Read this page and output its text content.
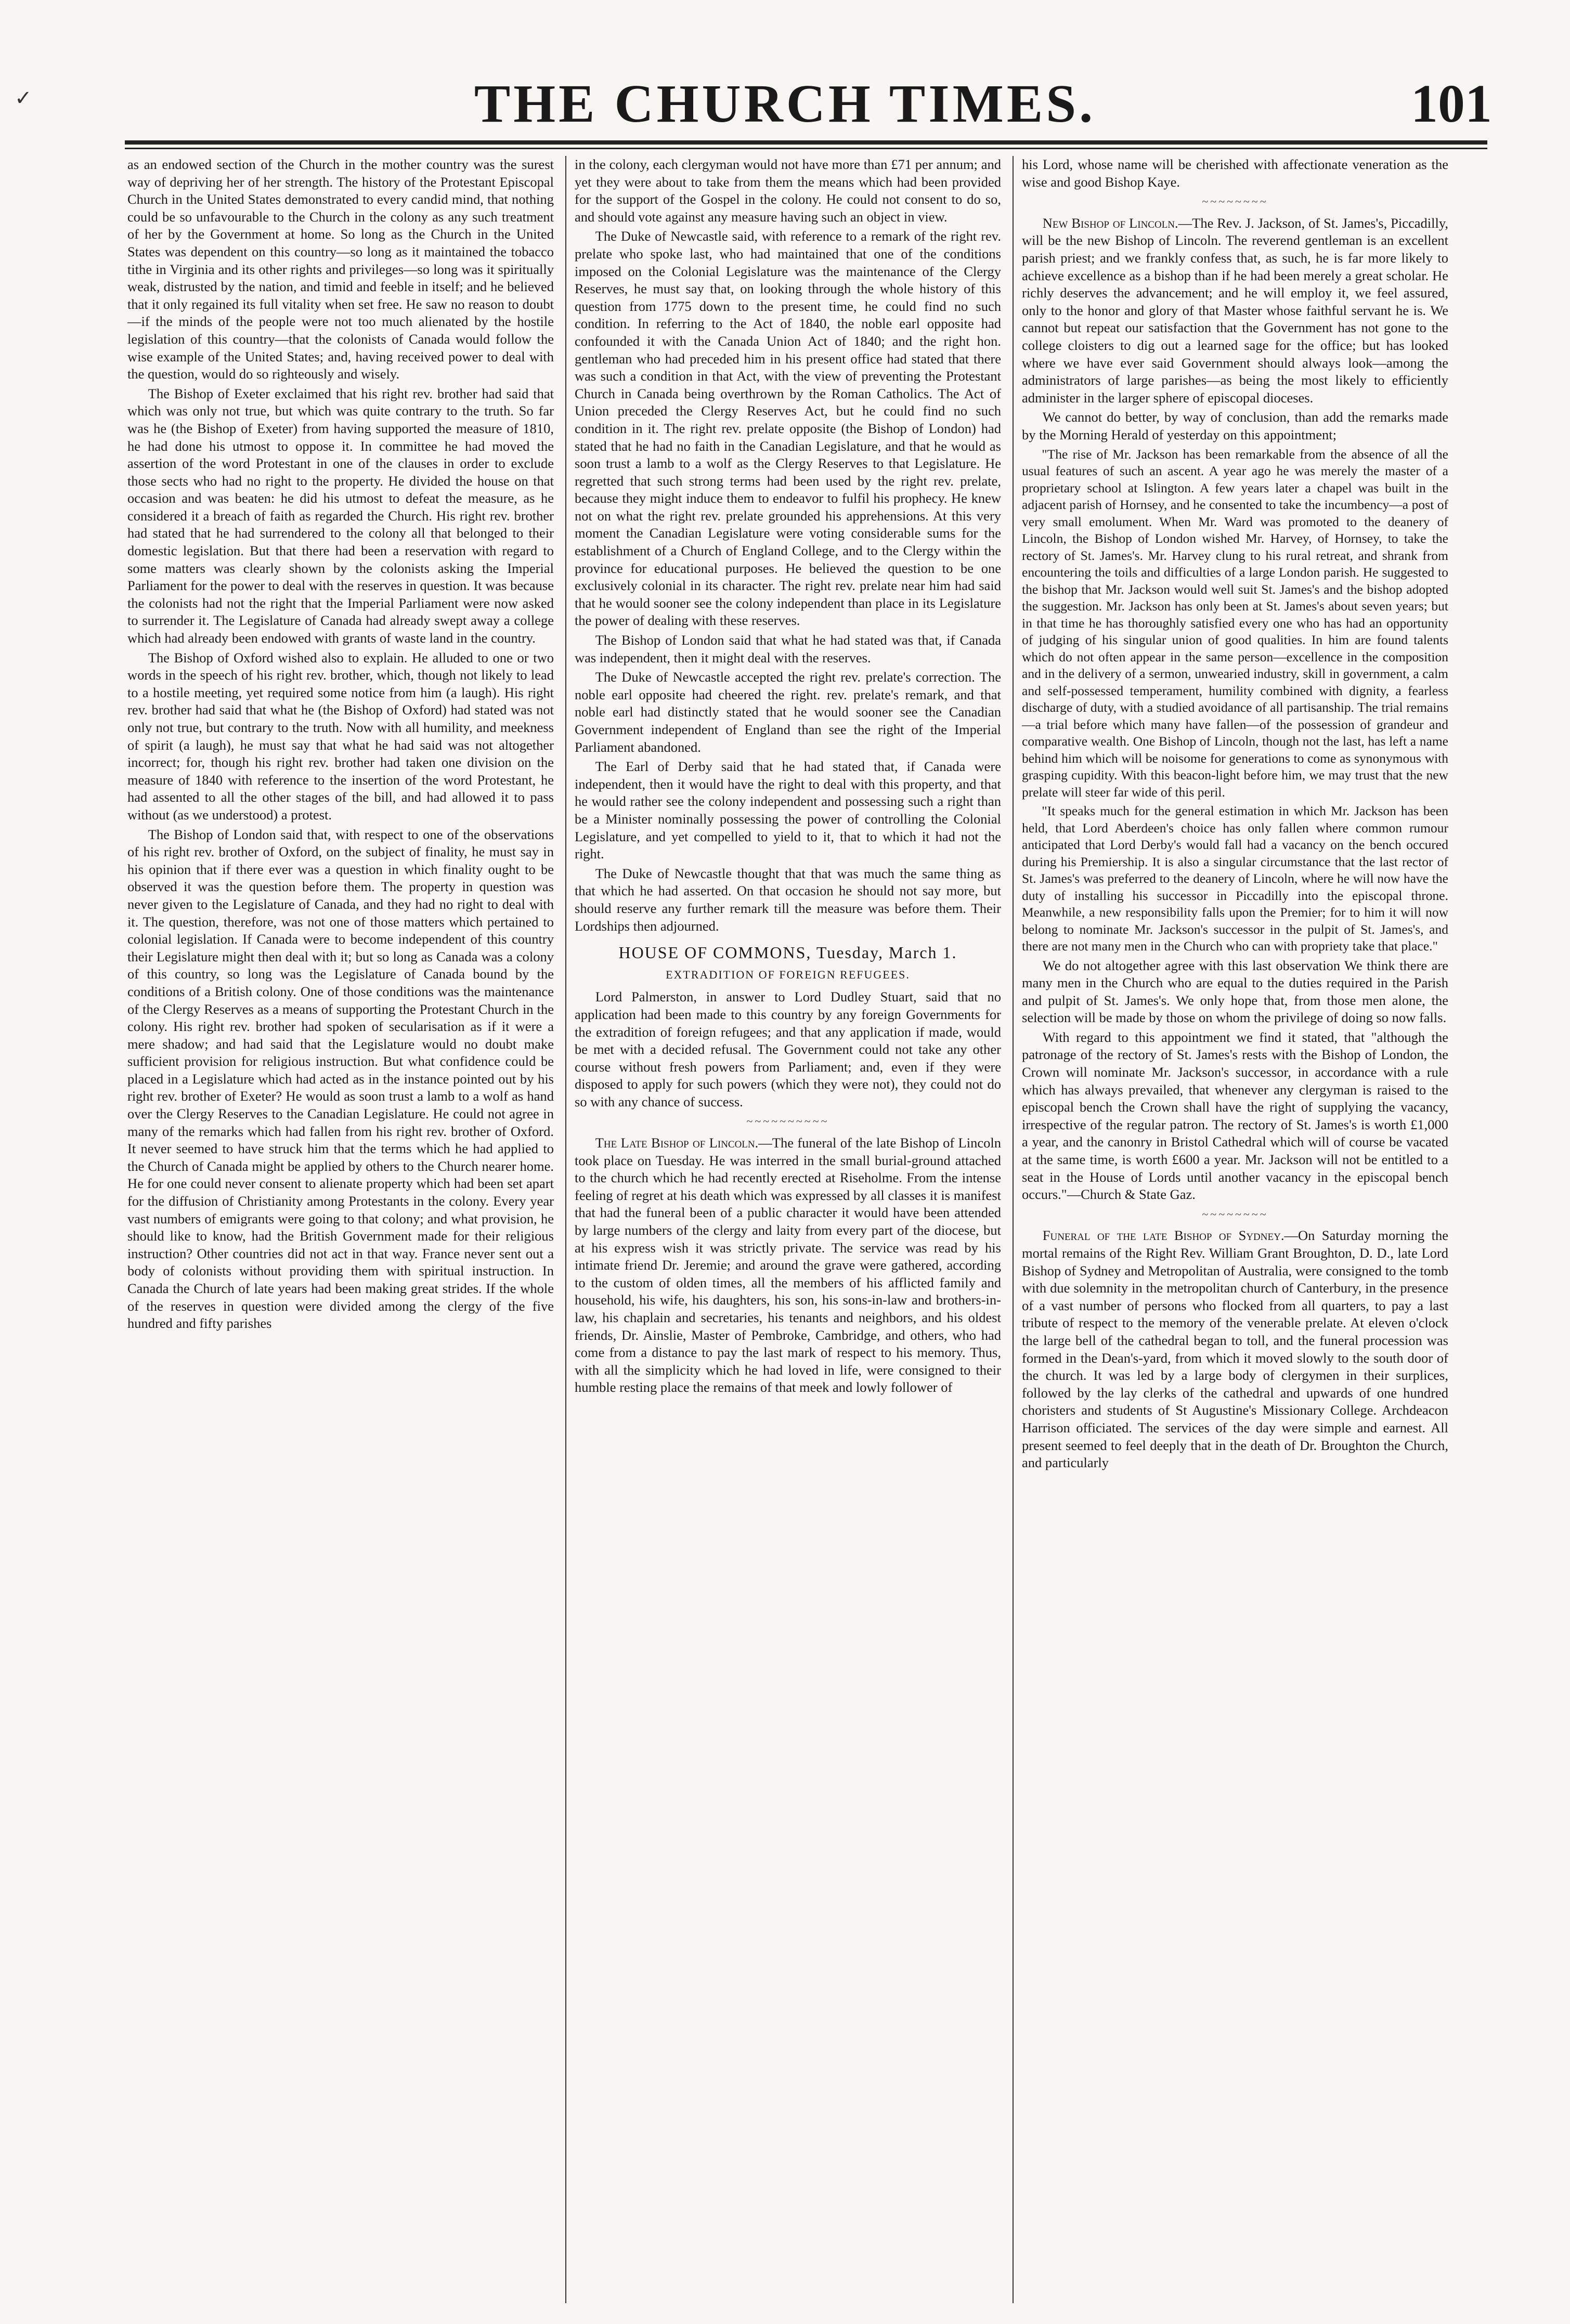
✓	THE CHURCH TIMES.	101

as an endowed section of the Church in the mother country was the surest way of depriving her of her strength. The history of the Protestant Episcopal Church in the United States demonstrated to every candid mind, that nothing could be so unfavourable to the Church in the colony as any such treatment of her by the Government at home. So long as the Church in the United States was dependent on this country—so long as it maintained the tobacco tithe in Virginia and its other rights and privileges—so long was it spiritually weak, distrusted by the nation, and timid and feeble in itself; and he believed that it only regained its full vitality when set free. He saw no reason to doubt—if the minds of the people were not too much alienated by the hostile legislation of this country—that the colonists of Canada would follow the wise example of the United States; and, having received power to deal with the question, would do so righteously and wisely.

The Bishop of Exeter exclaimed that his right rev. brother had said that which was only not true, but which was quite contrary to the truth. So far was he (the Bishop of Exeter) from having supported the measure of 1810, he had done his utmost to oppose it. In committee he had moved the assertion of the word Protestant in one of the clauses in order to exclude those sects who had no right to the property. He divided the house on that occasion and was beaten: he did his utmost to defeat the measure, as he considered it a breach of faith as regarded the Church. His right rev. brother had stated that he had surrendered to the colony all that belonged to their domestic legislation. But that there had been a reservation with regard to some matters was clearly shown by the colonists asking the Imperial Parliament for the power to deal with the reserves in question. It was because the colonists had not the right that the Imperial Parliament were now asked to surrender it. The Legislature of Canada had already swept away a college which had already been endowed with grants of waste land in the country.

The Bishop of Oxford wished also to explain. He alluded to one or two words in the speech of his right rev. brother, which, though not likely to lead to a hostile meeting, yet required some notice from him (a laugh). His right rev. brother had said that what he (the Bishop of Oxford) had stated was not only not true, but contrary to the truth. Now with all humility, and meekness of spirit (a laugh), he must say that what he had said was not altogether incorrect; for, though his right rev. brother had taken one division on the measure of 1840 with reference to the insertion of the word Protestant, he had assented to all the other stages of the bill, and had allowed it to pass without (as we understood) a protest.

The Bishop of London said that, with respect to one of the observations of his right rev. brother of Oxford, on the subject of finality, he must say in his opinion that if there ever was a question in which finality ought to be observed it was the question before them. The property in question was never given to the Legislature of Canada, and they had no right to deal with it. The question, therefore, was not one of those matters which pertained to colonial legislation. If Canada were to become independent of this country their Legislature might then deal with it; but so long as Canada was a colony of this country, so long was the Legislature of Canada bound by the conditions of a British colony. One of those conditions was the maintenance of the Clergy Reserves as a means of supporting the Protestant Church in the colony. His right rev. brother had spoken of secularisation as if it were a mere shadow; and had said that the Legislature would no doubt make sufficient provision for religious instruction. But what confidence could be placed in a Legislature which had acted as in the instance pointed out by his right rev. brother of Exeter? He would as soon trust a lamb to a wolf as hand over the Clergy Reserves to the Canadian Legislature. He could not agree in many of the remarks which had fallen from his right rev. brother of Oxford. It never seemed to have struck him that the terms which he had applied to the Church of Canada might be applied by others to the Church nearer home. He for one could never consent to alienate property which had been set apart for the diffusion of Christianity among Protestants in the colony. Every year vast numbers of emigrants were going to that colony; and what provision, he should like to know, had the British Government made for their religious instruction? Other countries did not act in that way. France never sent out a body of colonists without providing them with spiritual instruction. In Canada the Church of late years had been making great strides. If the whole of the reserves in question were divided among the clergy of the five hundred and fifty parishes

in the colony, each clergyman would not have more than £71 per annum; and yet they were about to take from them the means which had been provided for the support of the Gospel in the colony. He could not consent to do so, and should vote against any measure having such an object in view.

The Duke of Newcastle said, with reference to a remark of the right rev. prelate who spoke last, who had maintained that one of the conditions imposed on the Colonial Legislature was the maintenance of the Clergy Reserves, he must say that, on looking through the whole history of this question from 1775 down to the present time, he could find no such condition. In referring to the Act of 1840, the noble earl opposite had confounded it with the Canada Union Act of 1840; and the right hon. gentleman who had preceded him in his present office had stated that there was such a condition in that Act, with the view of preventing the Protestant Church in Canada being overthrown by the Roman Catholics. The Act of Union preceded the Clergy Reserves Act, but he could find no such condition in it. The right rev. prelate opposite (the Bishop of London) had stated that he had no faith in the Canadian Legislature, and that he would as soon trust a lamb to a wolf as the Clergy Reserves to that Legislature. He regretted that such strong terms had been used by the right rev. prelate, because they might induce them to endeavor to fulfil his prophecy. He knew not on what the right rev. prelate grounded his apprehensions. At this very moment the Canadian Legislature were voting considerable sums for the establishment of a Church of England College, and to the Clergy within the province for educational purposes. He believed the question to be one exclusively colonial in its character. The right rev. prelate near him had said that he would sooner see the colony independent than place in its Legislature the power of dealing with these reserves.

The Bishop of London said that what he had stated was that, if Canada was independent, then it might deal with the reserves.

The Duke of Newcastle accepted the right rev. prelate's correction. The noble earl opposite had cheered the right. rev. prelate's remark, and that noble earl had distinctly stated that he would sooner see the Canadian Government independent of England than see the right of the Imperial Parliament abandoned.

The Earl of Derby said that he had stated that, if Canada were independent, then it would have the right to deal with this property, and that he would rather see the colony independent and possessing such a right than be a Minister nominally possessing the power of controlling the Colonial Legislature, and yet compelled to yield to it, that to which it had not the right.

The Duke of Newcastle thought that that was much the same thing as that which he had asserted. On that occasion he should not say more, but should reserve any further remark till the measure was before them. Their Lordships then adjourned.

HOUSE OF COMMONS, Tuesday, March 1.
EXTRADITION OF FOREIGN REFUGEES.

Lord Palmerston, in answer to Lord Dudley Stuart, said that no application had been made to this country by any foreign Governments for the extradition of foreign refugees; and that any application if made, would be met with a decided refusal. The Government could not take any other course without fresh powers from Parliament; and, even if they were disposed to apply for such powers (which they were not), they could not do so with any chance of success.

~~~~~~~~~~

The Late Bishop of Lincoln.—The funeral of the late Bishop of Lincoln took place on Tuesday. He was interred in the small burial-ground attached to the church which he had recently erected at Riseholme. From the intense feeling of regret at his death which was expressed by all classes it is manifest that had the funeral been of a public character it would have been attended by large numbers of the clergy and laity from every part of the diocese, but at his express wish it was strictly private. The service was read by his intimate friend Dr. Jeremie; and around the grave were gathered, according to the custom of olden times, all the members of his afflicted family and household, his wife, his daughters, his son, his sons-in-law and brothers-in-law, his chaplain and secretaries, his tenants and neighbors, and his oldest friends, Dr. Ainslie, Master of Pembroke, Cambridge, and others, who had come from a distance to pay the last mark of respect to his memory. Thus, with all the simplicity which he had loved in life, were consigned to their humble resting place the remains of that meek and lowly follower of

his Lord, whose name will be cherished with affectionate veneration as the wise and good Bishop Kaye.

~~~~~~~~

New Bishop of Lincoln.—The Rev. J. Jackson, of St. James's, Piccadilly, will be the new Bishop of Lincoln. The reverend gentleman is an excellent parish priest; and we frankly confess that, as such, he is far more likely to achieve excellence as a bishop than if he had been merely a great scholar. He richly deserves the advancement; and he will employ it, we feel assured, only to the honor and glory of that Master whose faithful servant he is. We cannot but repeat our satisfaction that the Government has not gone to the college cloisters to dig out a learned sage for the office; but has looked where we have ever said Government should always look—among the administrators of large parishes—as being the most likely to efficiently administer in the larger sphere of episcopal dioceses.

We cannot do better, by way of conclusion, than add the remarks made by the Morning Herald of yesterday on this appointment;

"The rise of Mr. Jackson has been remarkable from the absence of all the usual features of such an ascent. A year ago he was merely the master of a proprietary school at Islington. A few years later a chapel was built in the adjacent parish of Hornsey, and he consented to take the incumbency—a post of very small emolument. When Mr. Ward was promoted to the deanery of Lincoln, the Bishop of London wished Mr. Harvey, of Hornsey, to take the rectory of St. James's. Mr. Harvey clung to his rural retreat, and shrank from encountering the toils and difficulties of a large London parish. He suggested to the bishop that Mr. Jackson would well suit St. James's and the bishop adopted the suggestion. Mr. Jackson has only been at St. James's about seven years; but in that time he has thoroughly satisfied every one who has had an opportunity of judging of his singular union of good qualities. In him are found talents which do not often appear in the same person—excellence in the composition and in the delivery of a sermon, unwearied industry, skill in government, a calm and self-possessed temperament, humility combined with dignity, a fearless discharge of duty, with a studied avoidance of all partisanship. The trial remains—a trial before which many have fallen—of the possession of grandeur and comparative wealth. One Bishop of Lincoln, though not the last, has left a name behind him which will be noisome for generations to come as synonymous with grasping cupidity. With this beacon-light before him, we may trust that the new prelate will steer far wide of this peril.

"It speaks much for the general estimation in which Mr. Jackson has been held, that Lord Aberdeen's choice has only fallen where common rumour anticipated that Lord Derby's would fall had a vacancy on the bench occured during his Premiership. It is also a singular circumstance that the last rector of St. James's was preferred to the deanery of Lincoln, where he will now have the duty of installing his successor in Piccadilly into the episcopal throne. Meanwhile, a new responsibility falls upon the Premier; for to him it will now belong to nominate Mr. Jackson's successor in the pulpit of St. James's, and there are not many men in the Church who can with propriety take that place."

We do not altogether agree with this last observation We think there are many men in the Church who are equal to the duties required in the Parish and pulpit of St. James's. We only hope that, from those men alone, the selection will be made by those on whom the privilege of doing so now falls.

With regard to this appointment we find it stated, that "although the patronage of the rectory of St. James's rests with the Bishop of London, the Crown will nominate Mr. Jackson's successor, in accordance with a rule which has always prevailed, that whenever any clergyman is raised to the episcopal bench the Crown shall have the right of supplying the vacancy, irrespective of the regular patron. The rectory of St. James's is worth £1,000 a year, and the canonry in Bristol Cathedral which will of course be vacated at the same time, is worth £600 a year. Mr. Jackson will not be entitled to a seat in the House of Lords until another vacancy in the episcopal bench occurs."—Church & State Gaz.

~~~~~~~~

Funeral of the late Bishop of Sydney.—On Saturday morning the mortal remains of the Right Rev. William Grant Broughton, D. D., late Lord Bishop of Sydney and Metropolitan of Australia, were consigned to the tomb with due solemnity in the metropolitan church of Canterbury, in the presence of a vast number of persons who flocked from all quarters, to pay a last tribute of respect to the memory of the venerable prelate. At eleven o'clock the large bell of the cathedral began to toll, and the funeral procession was formed in the Dean's-yard, from which it moved slowly to the south door of the church. It was led by a large body of clergymen in their surplices, followed by the lay clerks of the cathedral and upwards of one hundred choristers and students of St Augustine's Missionary College. Archdeacon Harrison officiated. The services of the day were simple and earnest. All present seemed to feel deeply that in the death of Dr. Broughton the Church, and particularly
